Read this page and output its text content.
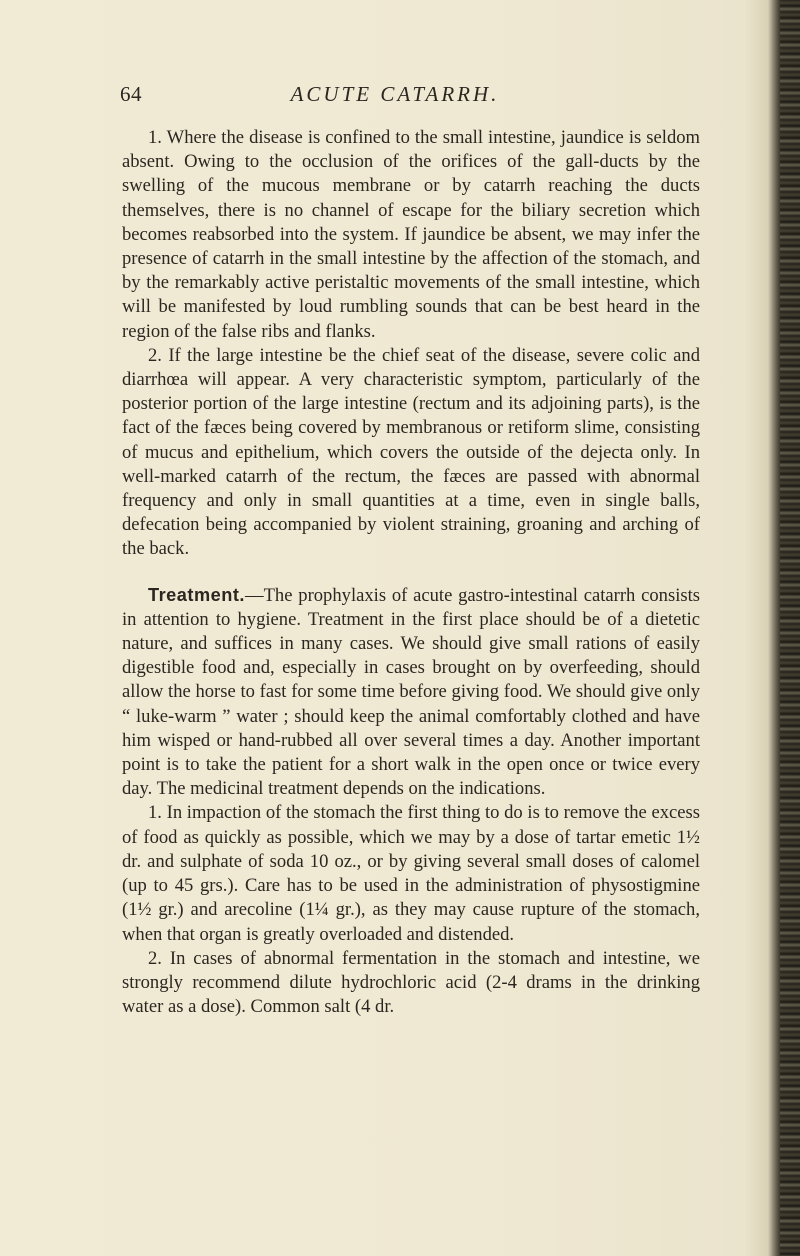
64	ACUTE CATARRH.

1. Where the disease is confined to the small intestine, jaundice is seldom absent. Owing to the occlusion of the orifices of the gall-ducts by the swelling of the mucous membrane or by catarrh reaching the ducts themselves, there is no channel of escape for the biliary secretion which becomes reabsorbed into the system. If jaundice be absent, we may infer the presence of catarrh in the small intestine by the affection of the stomach, and by the remarkably active peristaltic movements of the small intestine, which will be manifested by loud rumbling sounds that can be best heard in the region of the false ribs and flanks.

2. If the large intestine be the chief seat of the disease, severe colic and diarrhœa will appear. A very characteristic symptom, particularly of the posterior portion of the large intestine (rectum and its adjoining parts), is the fact of the fæces being covered by membranous or retiform slime, consisting of mucus and epithelium, which covers the outside of the dejecta only. In well-marked catarrh of the rectum, the fæces are passed with abnormal frequency and only in small quantities at a time, even in single balls, defecation being accompanied by violent straining, groaning and arching of the back.

Treatment.—The prophylaxis of acute gastro-intestinal catarrh consists in attention to hygiene. Treatment in the first place should be of a dietetic nature, and suffices in many cases. We should give small rations of easily digestible food and, especially in cases brought on by overfeeding, should allow the horse to fast for some time before giving food. We should give only “ luke-warm ” water ; should keep the animal comfortably clothed and have him wisped or hand-rubbed all over several times a day. Another important point is to take the patient for a short walk in the open once or twice every day. The medicinal treatment depends on the indications.

1. In impaction of the stomach the first thing to do is to remove the excess of food as quickly as possible, which we may by a dose of tartar emetic 1½ dr. and sulphate of soda 10 oz., or by giving several small doses of calomel (up to 45 grs.). Care has to be used in the administration of physostigmine (1½ gr.) and arecoline (1¼ gr.), as they may cause rupture of the stomach, when that organ is greatly overloaded and distended.

2. In cases of abnormal fermentation in the stomach and intestine, we strongly recommend dilute hydrochloric acid (2-4 drams in the drinking water as a dose). Common salt (4 dr.
